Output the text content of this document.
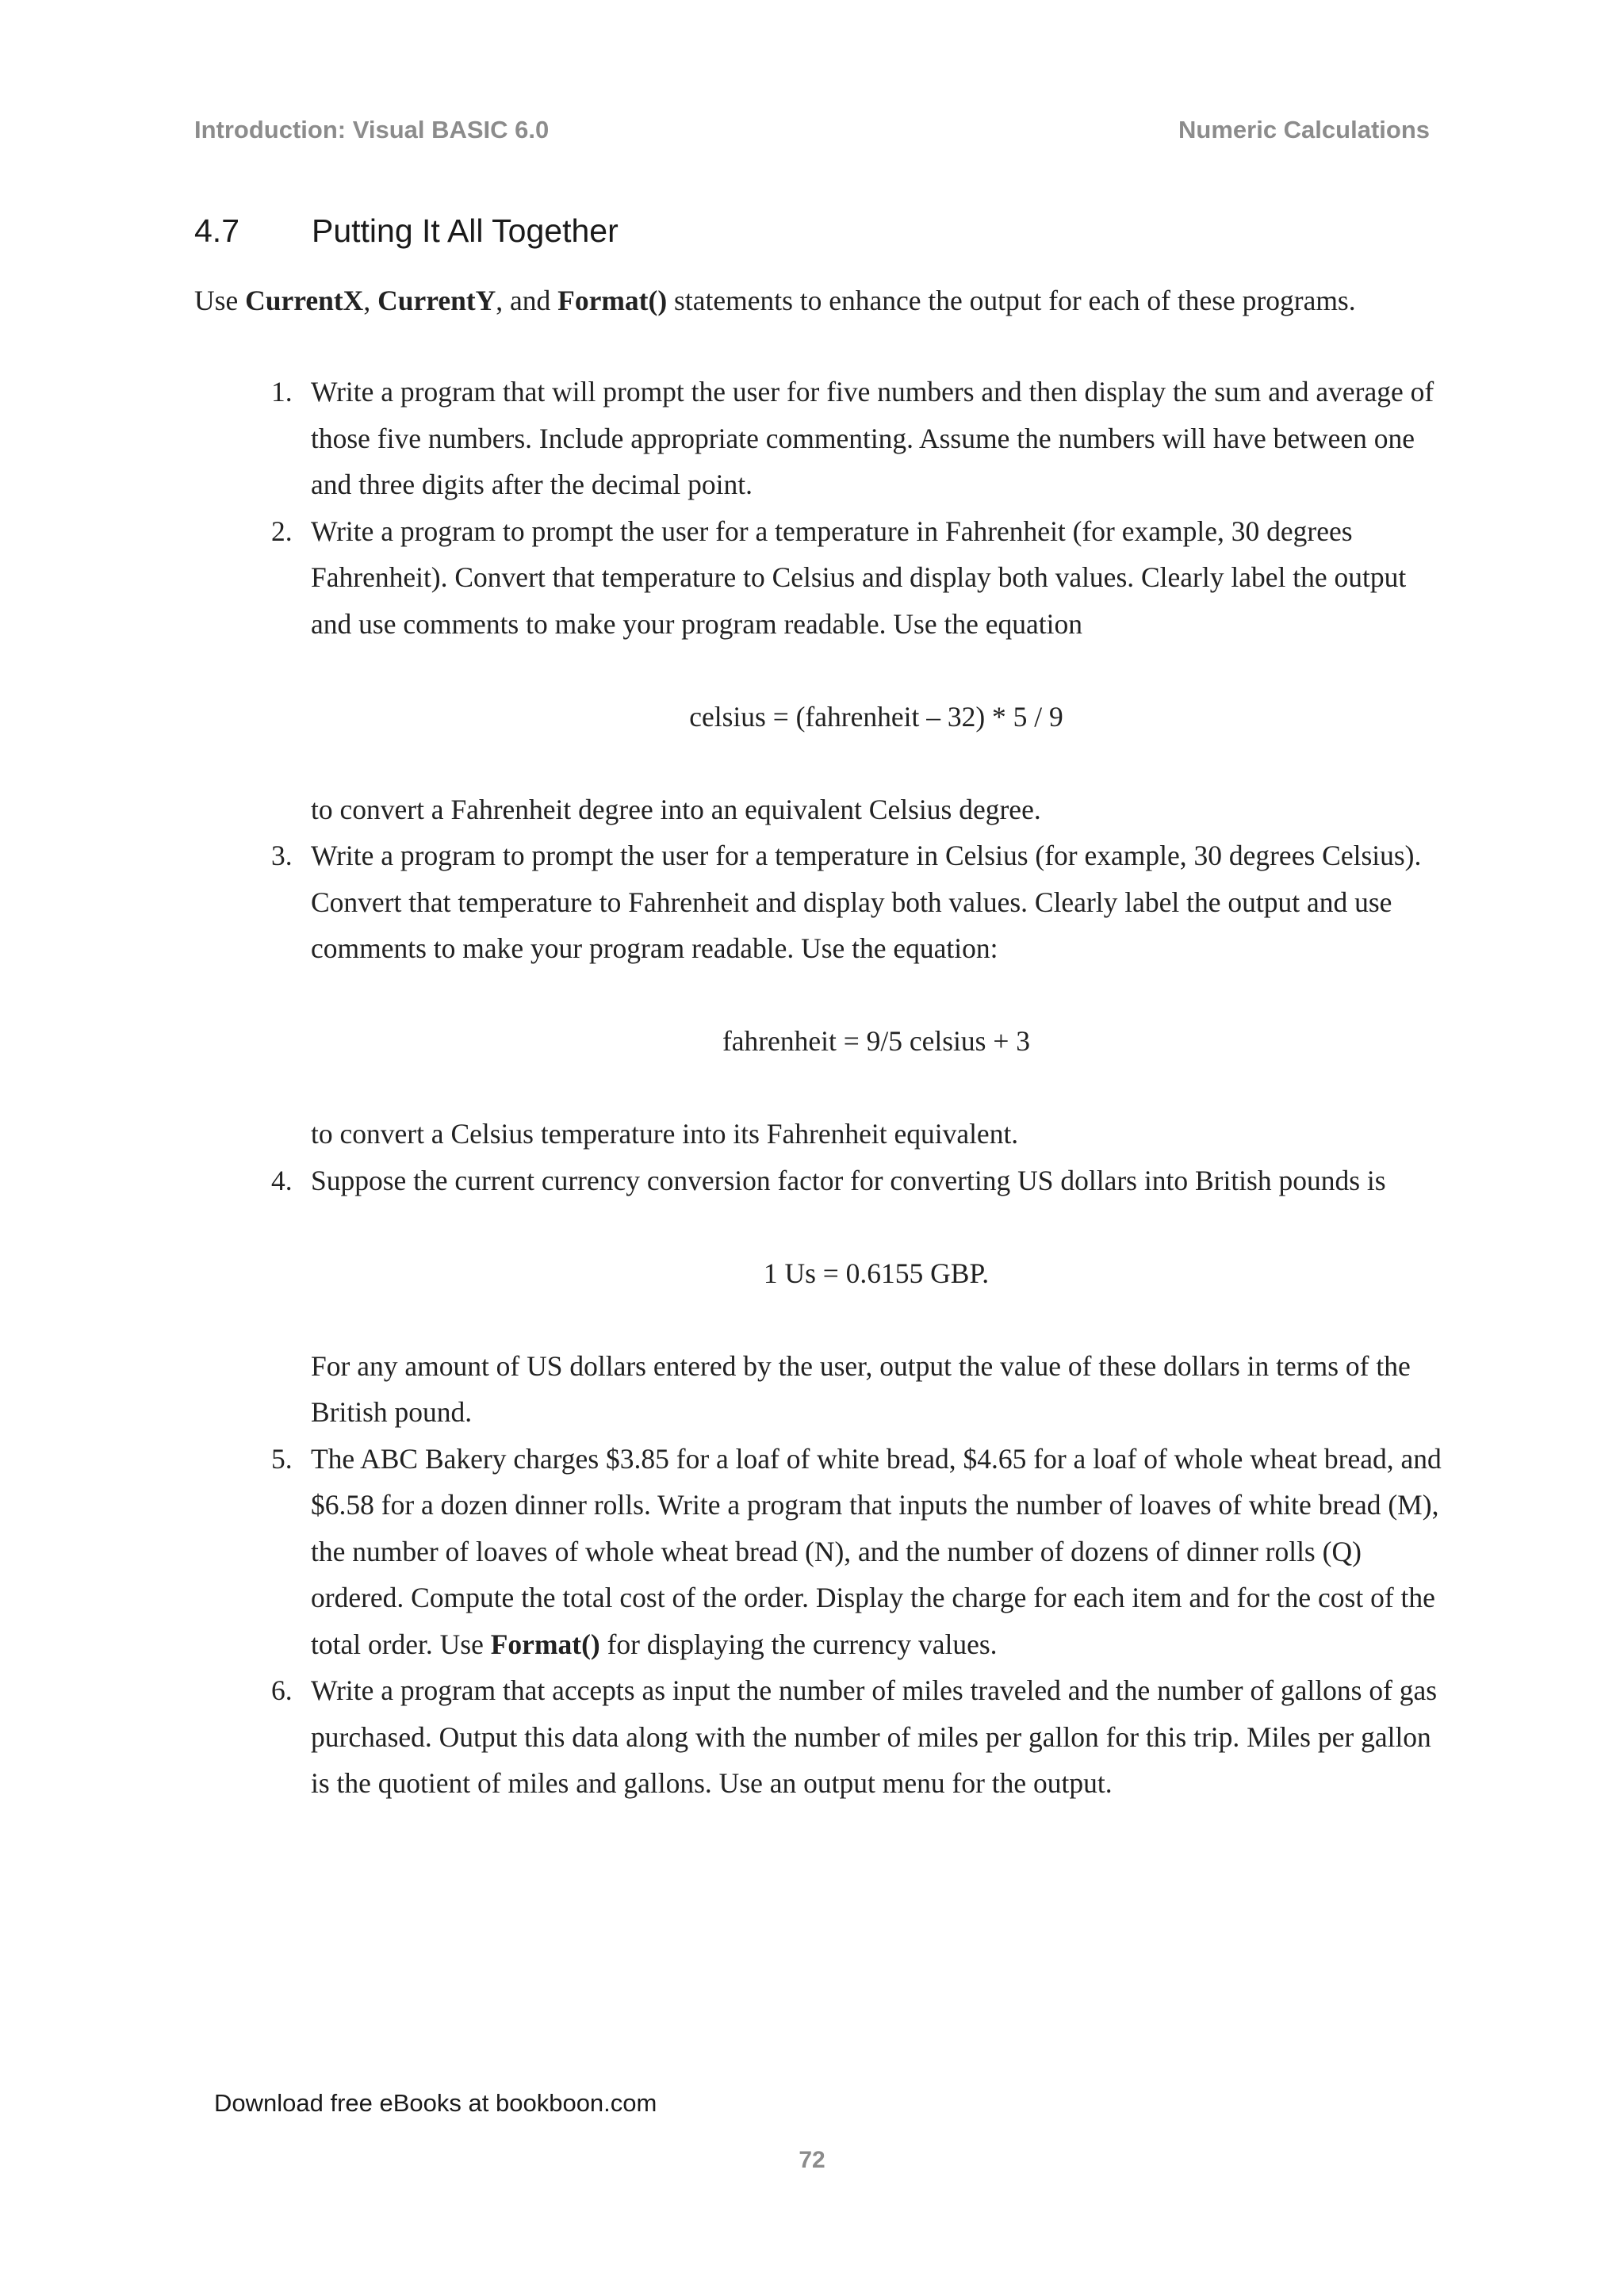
Introduction: Visual BASIC 6.0	Numeric Calculations
4.7 Putting It All Together
Use CurrentX, CurrentY, and Format() statements to enhance the output for each of these programs.
1. Write a program that will prompt the user for five numbers and then display the sum and average of those five numbers. Include appropriate commenting. Assume the numbers will have between one and three digits after the decimal point.

2. Write a program to prompt the user for a temperature in Fahrenheit (for example, 30 degrees Fahrenheit). Convert that temperature to Celsius and display both values. Clearly label the output and use comments to make your program readable. Use the equation

celsius = (fahrenheit – 32) * 5 / 9

to convert a Fahrenheit degree into an equivalent Celsius degree.

3. Write a program to prompt the user for a temperature in Celsius (for example, 30 degrees Celsius). Convert that temperature to Fahrenheit and display both values. Clearly label the output and use comments to make your program readable. Use the equation:

fahrenheit = 9/5 celsius + 3

to convert a Celsius temperature into its Fahrenheit equivalent.

4. Suppose the current currency conversion factor for converting US dollars into British pounds is

1 Us = 0.6155 GBP.

For any amount of US dollars entered by the user, output the value of these dollars in terms of the British pound.

5. The ABC Bakery charges $3.85 for a loaf of white bread, $4.65 for a loaf of whole wheat bread, and $6.58 for a dozen dinner rolls. Write a program that inputs the number of loaves of white bread (M), the number of loaves of whole wheat bread (N), and the number of dozens of dinner rolls (Q) ordered. Compute the total cost of the order. Display the charge for each item and for the cost of the total order. Use Format() for displaying the currency values.

6. Write a program that accepts as input the number of miles traveled and the number of gallons of gas purchased. Output this data along with the number of miles per gallon for this trip. Miles per gallon is the quotient of miles and gallons. Use an output menu for the output.

Download free eBooks at bookboon.com
72
